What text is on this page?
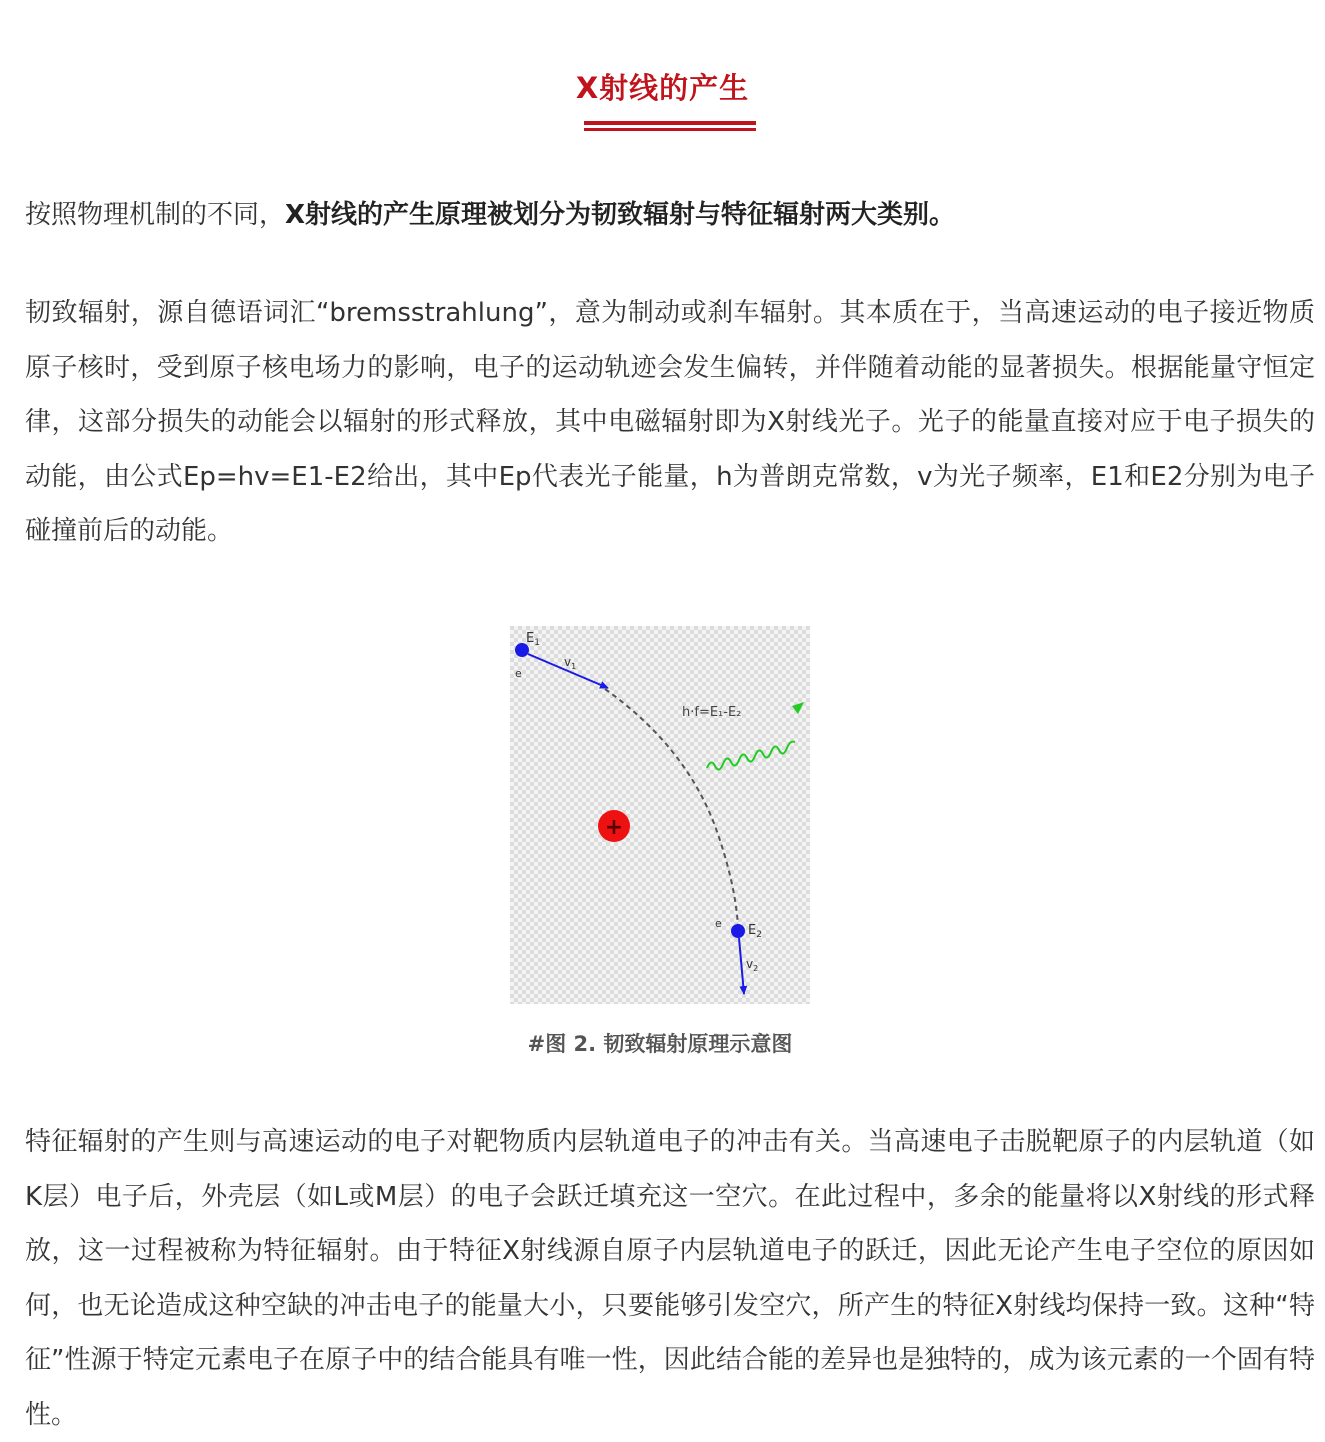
X射线的产生

按照物理机制的不同，X射线的产生原理被划分为韧致辐射与特征辐射两大类别。

韧致辐射，源自德语词汇“bremsstrahlung”，意为制动或刹车辐射。其本质在于，当高速运动的电子接近物质原子核时，受到原子核电场力的影响，电子的运动轨迹会发生偏转，并伴随着动能的显著损失。根据能量守恒定律，这部分损失的动能会以辐射的形式释放，其中电磁辐射即为X射线光子。光子的能量直接对应于电子损失的动能，由公式Ep=hv=E1-E2给出，其中Ep代表光子能量，h为普朗克常数，v为光子频率，E1和E2分别为电子碰撞前后的动能。

$E_1$
$v_1$
e
h·f=E₁-E₂
+
e $E_2$
$v_2$
#图 2. 韧致辐射原理示意图

特征辐射的产生则与高速运动的电子对靶物质内层轨道电子的冲击有关。当高速电子击脱靶原子的内层轨道（如K层）电子后，外壳层（如L或M层）的电子会跃迁填充这一空穴。在此过程中，多余的能量将以X射线的形式释放，这一过程被称为特征辐射。由于特征X射线源自原子内层轨道电子的跃迁，因此无论产生电子空位的原因如何，也无论造成这种空缺的冲击电子的能量大小，只要能够引发空穴，所产生的特征X射线均保持一致。这种“特征”性源于特定元素电子在原子中的结合能具有唯一性，因此结合能的差异也是独特的，成为该元素的一个固有特性。
